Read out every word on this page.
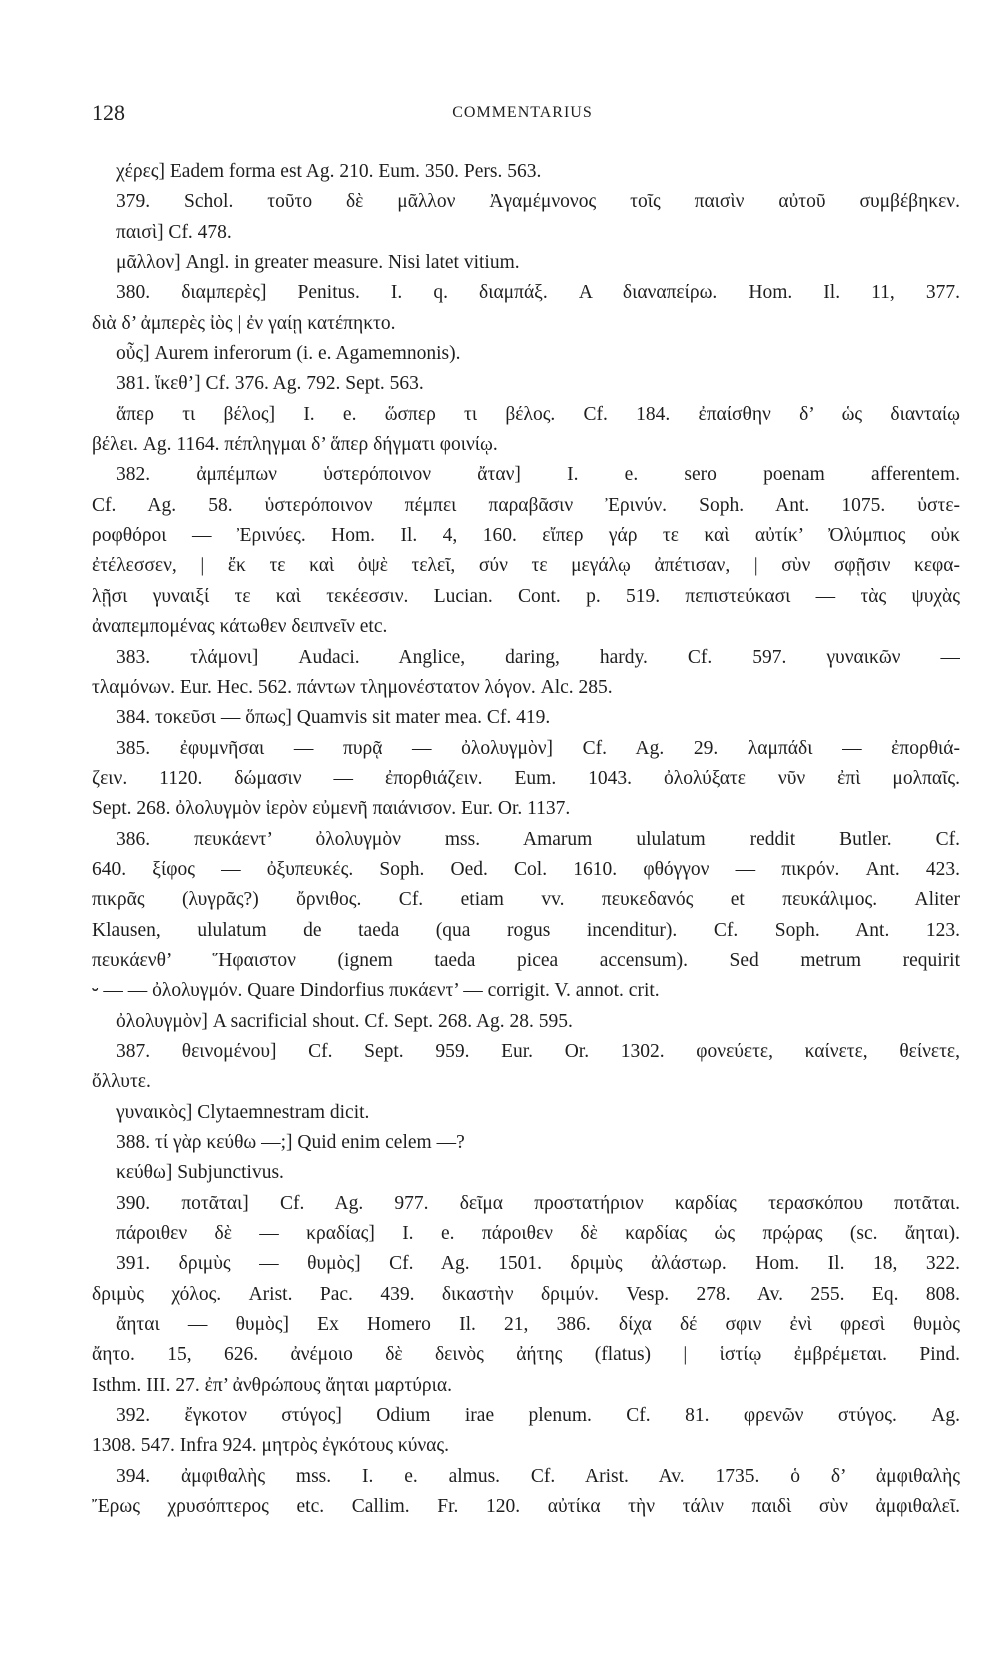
128	COMMENTARIUS
χέρες] Eadem forma est Ag. 210. Eum. 350. Pers. 563.
379. Schol. τοῦτο δὲ μᾶλλον Ἀγαμέμνονος τοῖς παισὶν αὐτοῦ συμβέβηκεν.
παισὶ] Cf. 478.
μᾶλλον] Angl. in greater measure. Nisi latet vitium.
380. διαμπερὲς] Penitus. I. q. διαμπάξ. A διαναπείρω. Hom. Il. 11, 377.
διὰ δ’ ἀμπερὲς ἰὸς | ἐν γαίῃ κατέπηκτο.
οὖς] Aurem inferorum (i. e. Agamemnonis).
381. ἴκεθ’] Cf. 376. Ag. 792. Sept. 563.
ἅπερ τι βέλος] I. e. ὥσπερ τι βέλος. Cf. 184. ἐπαίσθην δ’ ὡς διανταίῳ
βέλει. Ag. 1164. πέπληγμαι δ’ ἅπερ δήγματι φοινίῳ.
382. ἀμπέμπων ὑστερόποινον ἄταν] I. e. sero poenam afferentem.
Cf. Ag. 58. ὑστερόποινον πέμπει παραβᾶσιν Ἐρινύν. Soph. Ant. 1075. ὑστε-
ροφθόροι — Ἐρινύες. Hom. Il. 4, 160. εἴπερ γάρ τε καὶ αὐτίκ’ Ὀλύμπιος οὐκ
ἐτέλεσσεν, | ἔκ τε καὶ ὀψὲ τελεῖ, σύν τε μεγάλῳ ἀπέτισαν, | σὺν σφῇσιν κεφα-
λῇσι γυναιξί τε καὶ τεκέεσσιν. Lucian. Cont. p. 519. πεπιστεύκασι — τὰς ψυχὰς
ἀναπεμπομένας κάτωθεν δειπνεῖν etc.
383. τλάμονι] Audaci. Anglice, daring, hardy. Cf. 597. γυναικῶν —
τλαμόνων. Eur. Hec. 562. πάντων τλημονέστατον λόγον. Alc. 285.
384. τοκεῦσι — ὅπως] Quamvis sit mater mea. Cf. 419.
385. ἐφυμνῆσαι — πυρᾷ — ὀλολυγμὸν] Cf. Ag. 29. λαμπάδι — ἐπορθιά-
ζειν. 1120. δώμασιν — ἐπορθιάζειν. Eum. 1043. ὀλολύξατε νῦν ἐπὶ μολπαῖς.
Sept. 268. ὀλολυγμὸν ἱερὸν εὐμενῆ παιάνισον. Eur. Or. 1137.
386. πευκάεντ’ ὀλολυγμὸν mss. Amarum ululatum reddit Butler. Cf.
640. ξίφος — ὀξυπευκές. Soph. Oed. Col. 1610. φθόγγον — πικρόν. Ant. 423.
πικρᾶς (λυγρᾶς?) ὄρνιθος. Cf. etiam vv. πευκεδανός et πευκάλιμος. Aliter
Klausen, ululatum de taeda (qua rogus incenditur). Cf. Soph. Ant. 123.
πευκάενθ’ Ἥφαιστον (ignem taeda picea accensum). Sed metrum requirit
⏑ — — ὀλολυγμόν. Quare Dindorfius πυκάεντ’ — corrigit. V. annot. crit.
ὀλολυγμὸν] A sacrificial shout. Cf. Sept. 268. Ag. 28. 595.
387. θεινομένου] Cf. Sept. 959. Eur. Or. 1302. φονεύετε, καίνετε, θείνετε,
ὄλλυτε.
γυναικὸς] Clytaemnestram dicit.
388. τί γὰρ κεύθω —;] Quid enim celem —?
κεύθω] Subjunctivus.
390. ποτᾶται] Cf. Ag. 977. δεῖμα προστατήριον καρδίας τερασκόπου ποτᾶται.
πάροιθεν δὲ — κραδίας] I. e. πάροιθεν δὲ καρδίας ὡς πρῴρας (sc. ἄηται).
391. δριμὺς — θυμὸς] Cf. Ag. 1501. δριμὺς ἀλάστωρ. Hom. Il. 18, 322.
δριμὺς χόλος. Arist. Pac. 439. δικαστὴν δριμύν. Vesp. 278. Av. 255. Eq. 808.
ἄηται — θυμὸς] Ex Homero Il. 21, 386. δίχα δέ σφιν ἐνὶ φρεσὶ θυμὸς
ἄητο. 15, 626. ἀνέμοιο δὲ δεινὸς ἀήτης (flatus) | ἱστίῳ ἐμβρέμεται. Pind.
Isthm. III. 27. ἐπ’ ἀνθρώπους ἄηται μαρτύρια.
392. ἔγκοτον στύγος] Odium irae plenum. Cf. 81. φρενῶν στύγος. Ag.
1308. 547. Infra 924. μητρὸς ἐγκότους κύνας.
394. ἀμφιθαλὴς mss. I. e. almus. Cf. Arist. Av. 1735. ὁ δ’ ἀμφιθαλὴς
Ἔρως χρυσόπτερος etc. Callim. Fr. 120. αὐτίκα τὴν τάλιν παιδὶ σὺν ἀμφιθαλεῖ.
